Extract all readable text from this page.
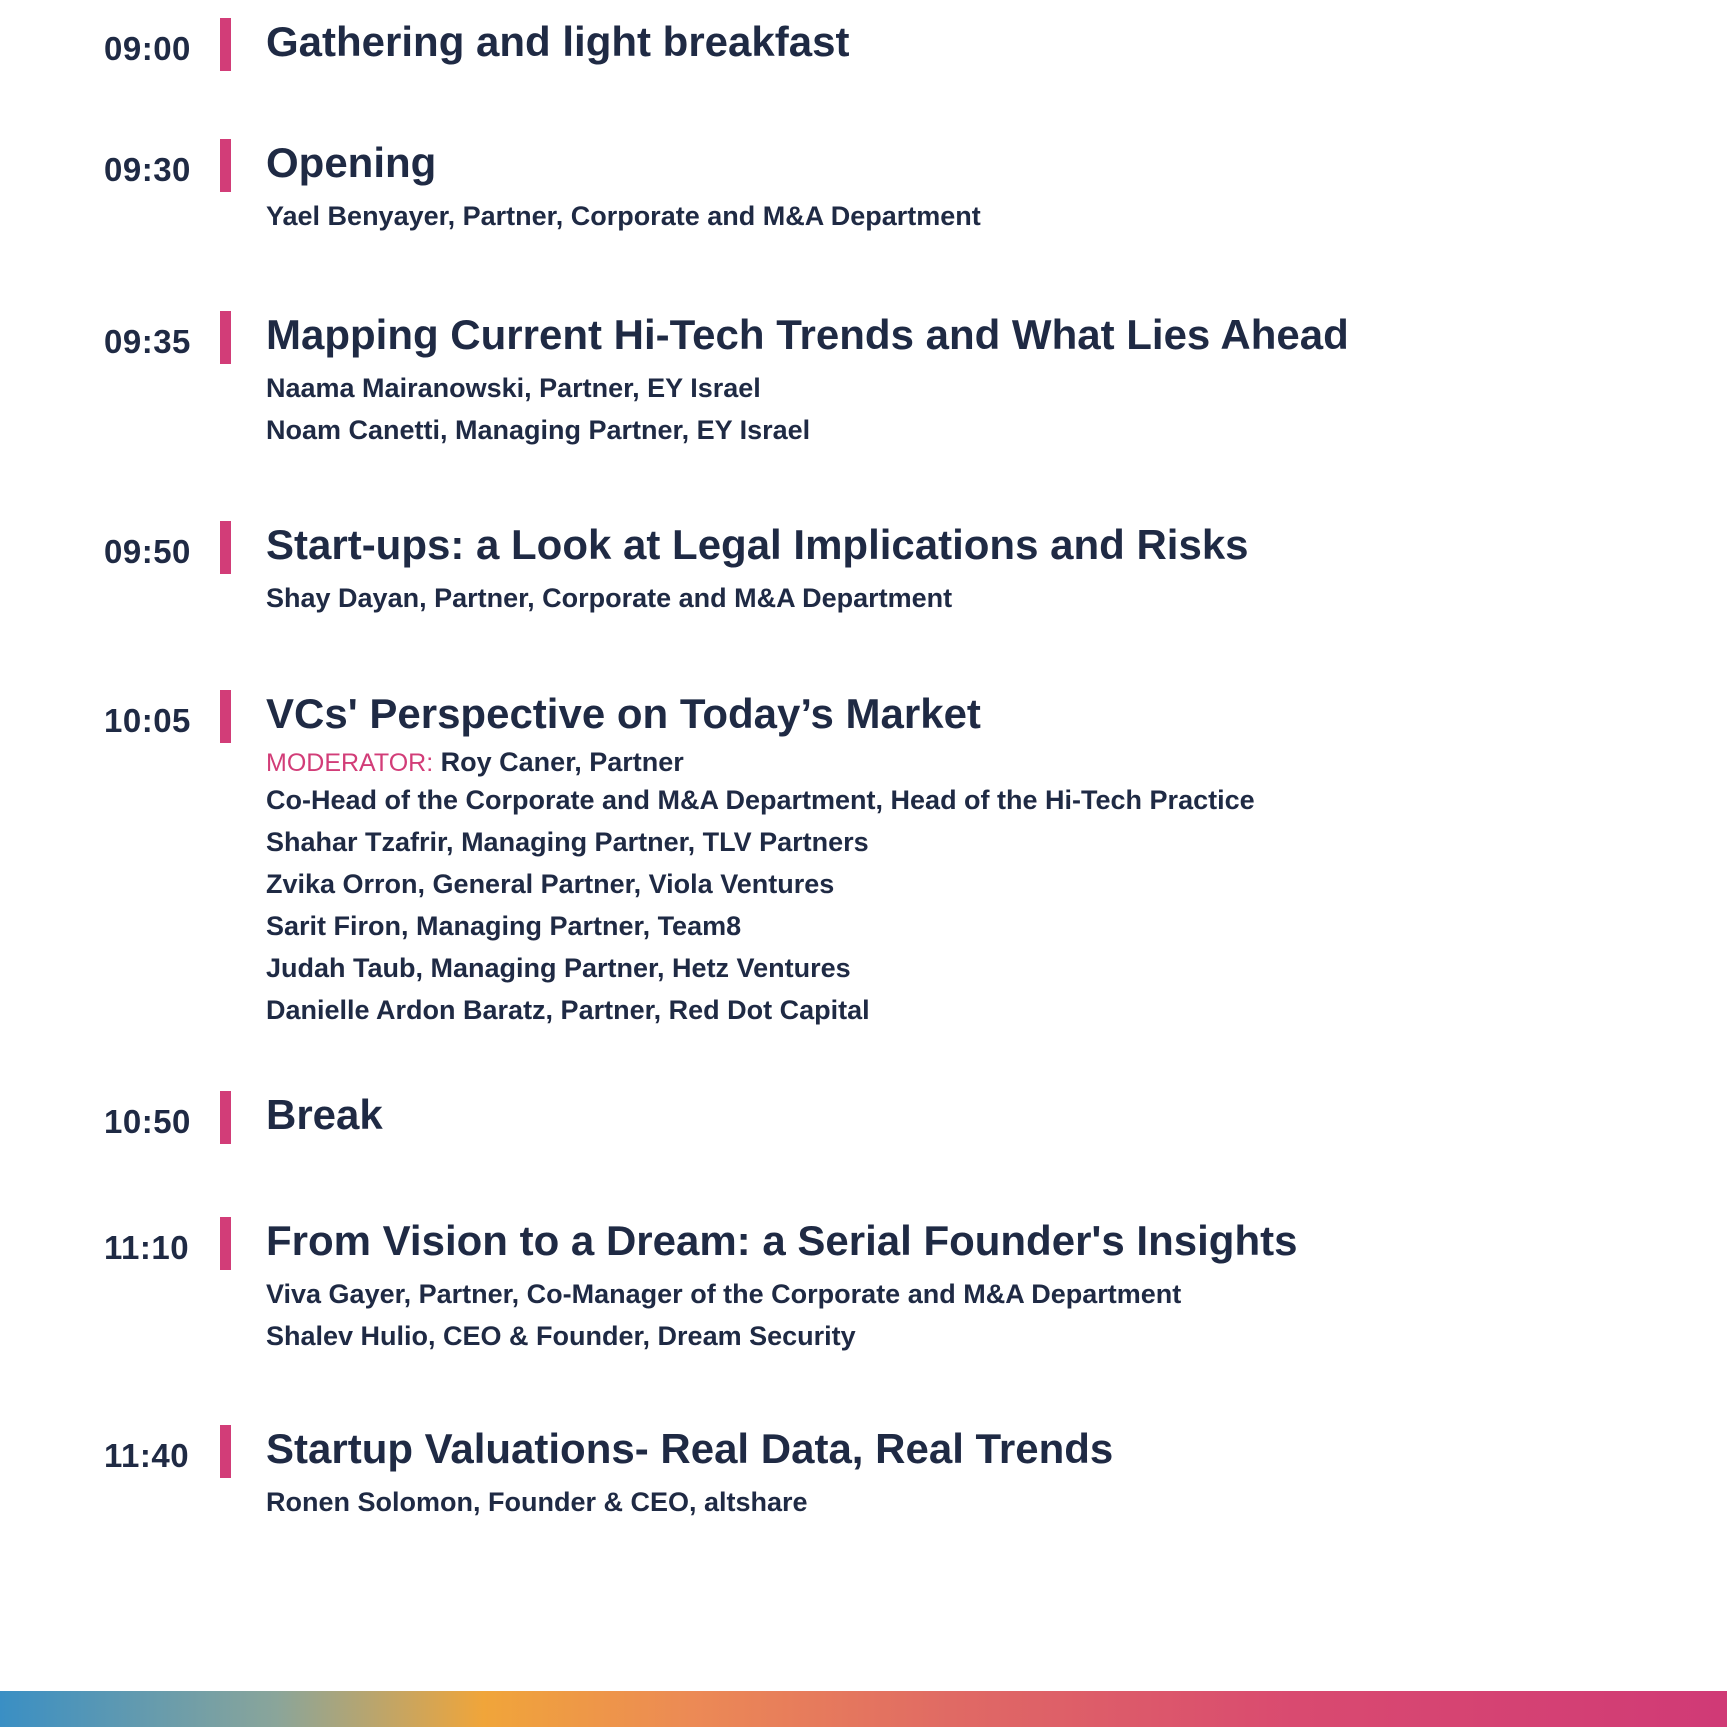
09:00	Gathering and light breakfast
09:30	Opening
Yael Benyayer, Partner, Corporate and M&A Department
09:35	Mapping Current Hi-Tech Trends and What Lies Ahead
Naama Mairanowski, Partner, EY Israel
Noam Canetti, Managing Partner, EY Israel
09:50	Start-ups: a Look at Legal Implications and Risks
Shay Dayan, Partner, Corporate and M&A Department
10:05	VCs' Perspective on Today’s Market
MODERATOR: Roy Caner, Partner
Co-Head of the Corporate and M&A Department, Head of the Hi-Tech Practice
Shahar Tzafrir, Managing Partner, TLV Partners
Zvika Orron, General Partner, Viola Ventures
Sarit Firon, Managing Partner, Team8
Judah Taub, Managing Partner, Hetz Ventures
Danielle Ardon Baratz, Partner, Red Dot Capital
10:50	Break
11:10	From Vision to a Dream: a Serial Founder's Insights
Viva Gayer, Partner, Co-Manager of the Corporate and M&A Department
Shalev Hulio, CEO & Founder, Dream Security
11:40	Startup Valuations- Real Data, Real Trends
Ronen Solomon, Founder & CEO, altshare
